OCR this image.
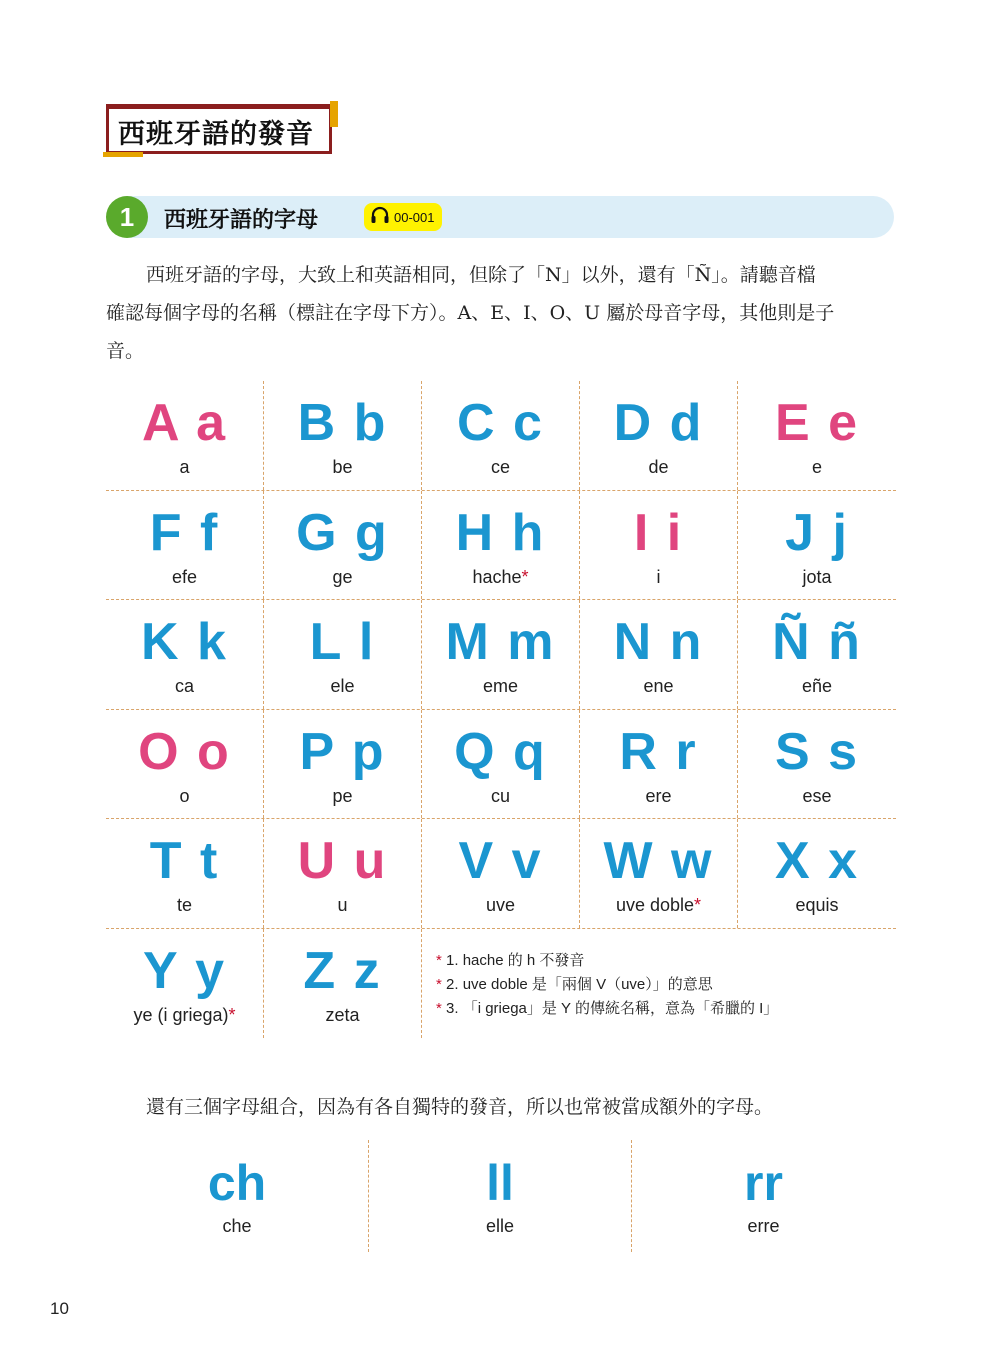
西班牙語的發音
1	西班牙語的字母	00-001
西班牙語的字母，大致上和英語相同，但除了「N」以外，還有「Ñ」。請聽音檔
確認每個字母的名稱（標註在字母下方）。A、E、I、O、U 屬於母音字母，其他則是子
音。
A a
a
B b
be
C c
ce
D d
de
E e
e
F f
efe
G g
ge
H h
hache*
I i
i
J j
jota
K k
ca
L l
ele
M m
eme
N n
ene
Ñ ñ
eñe
O o
o
P p
pe
Q q
cu
R r
ere
S s
ese
T t
te
U u
u
V v
uve
W w
uve doble*
X x
equis
Y y
ye (i griega)*
Z z
zeta
* 1. hache 的 h 不發音
* 2. uve doble 是「兩個 V（uve）」的意思
* 3. 「i griega」是 Y 的傳統名稱，意為「希臘的 I」
還有三個字母組合，因為有各自獨特的發音，所以也常被當成額外的字母。
ch
che
ll
elle
rr
erre
10
